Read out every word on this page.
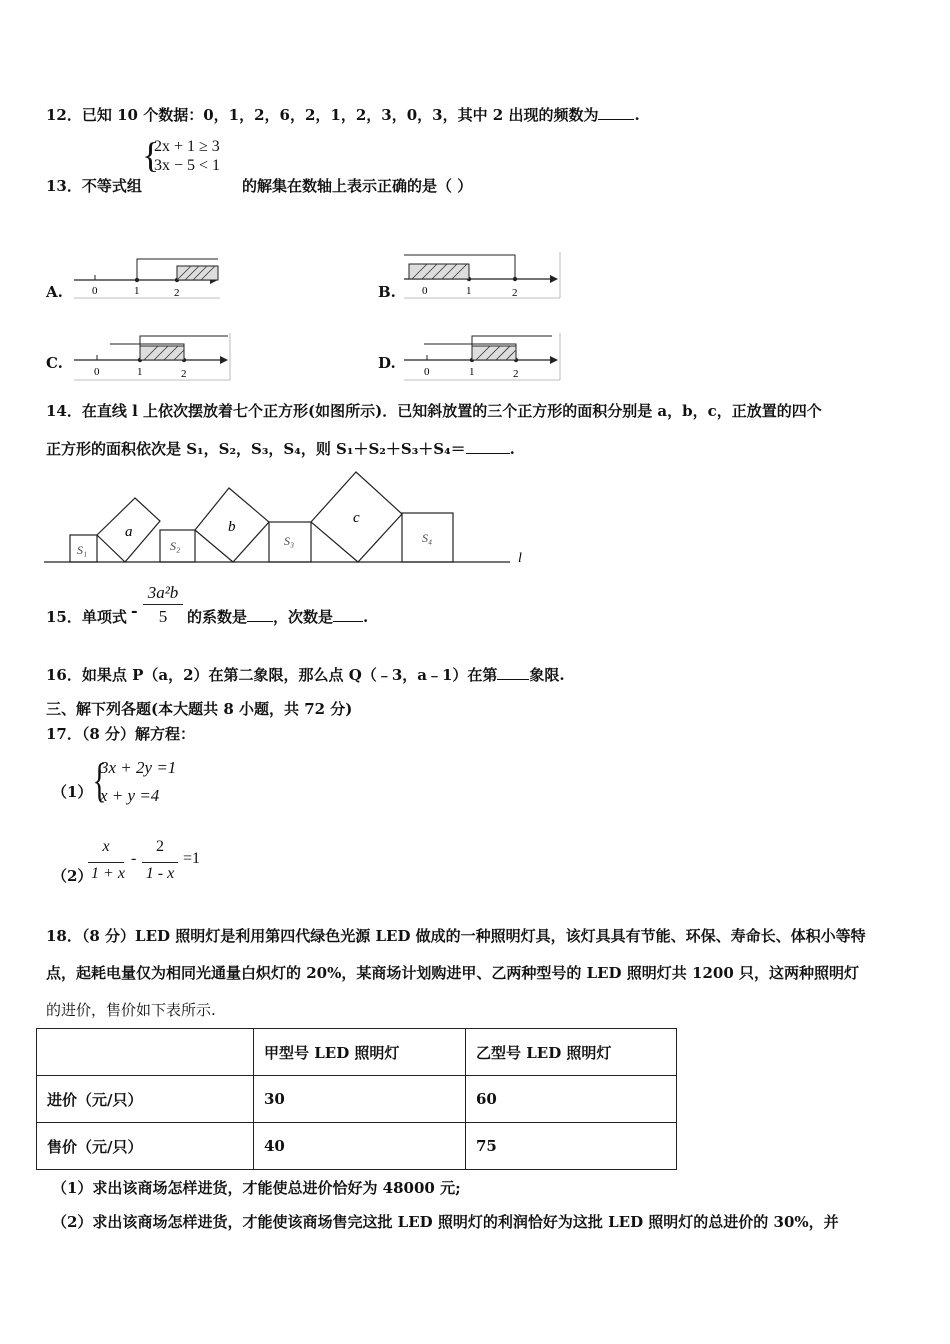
12．已知 10 个数据：0，1，2，6，2，1，2，3，0，3，其中 2 出现的频数为 .
13．不等式组
{
2x + 1 ≥ 3
3x − 5 < 1
的解集在数轴上表示正确的是（ ）
A.	0	1	2	B. 0	1	2
C.	0	1	2
D.	0	1	2
14．在直线 l 上依次摆放着七个正方形(如图所示)．已知斜放置的三个正方形的面积分别是 a，b，c，正放置的四个
正方形的面积依次是 S₁，S₂，S₃，S₄，则 S₁＋S₂＋S₃＋S₄＝	.
l
S₁
a
S₂
b
S₃
c
S₄
15．单项式 -
3a²b
5	的系数是 ，次数是 .
16．如果点 P（a，2）在第二象限，那么点 Q（﹣3，a﹣1）在第 象限.
三、解下列各题(本大题共 8 小题，共 72 分)
17．（8 分）解方程：
（1） {
3x + 2y =1
x + y =4
（2）
x
1 + x
-
2
1 - x
=1
18．（8 分）LED 照明灯是利用第四代绿色光源 LED 做成的一种照明灯具，该灯具具有节能、环保、寿命长、体积小等特
点，起耗电量仅为相同光通量白炽灯的 20%，某商场计划购进甲、乙两种型号的 LED 照明灯共 1200 只，这两种照明灯
的进价，售价如下表所示.
	甲型号 LED 照明灯	乙型号 LED 照明灯
进价（元/只）	30	60
售价（元/只）	40	75
（1）求出该商场怎样进货，才能使总进价恰好为 48000 元;
（2）求出该商场怎样进货，才能使该商场售完这批 LED 照明灯的利润恰好为这批 LED 照明灯的总进价的 30%，并
